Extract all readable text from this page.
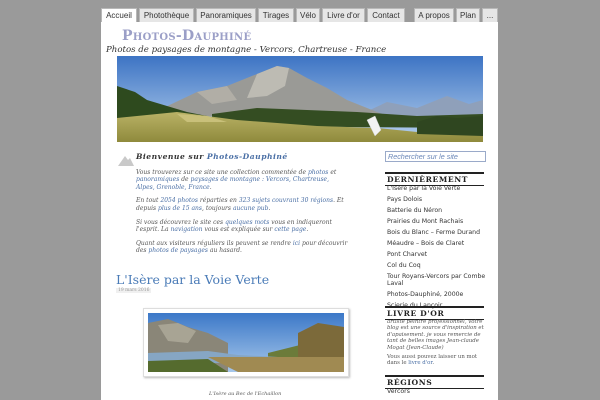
Accueil	Photothèque	Panoramiques	Tirages	Vélo	Livre d'or	Contact	A propos	Plan	...
Photos-Dauphiné
Photos de paysages de montagne - Vercors, Chartreuse - France
Bienvenue sur Photos-Dauphiné

Vous trouverez sur ce site une collection commentée de photos et panoramiques de paysages de montagne : Vercors, Chartreuse, Alpes, Grenoble, France.

En tout 2054 photos réparties en 323 sujets couvrant 30 régions. Et depuis plus de 15 ans, toujours aucune pub.

Si vous découvrez le site ces quelques mots vous en indiqueront l'esprit. La navigation vous est expliquée sur cette page.

Quant aux visiteurs réguliers ils peuvent se rendre ici pour découvrir des photos de paysages au hasard.

L'Isère par la Voie Verte
19 mars 2016
L'Isère au Bec de l'Echaillon
Rechercher sur le site
DERNIÈREMENT
L'Isère par la Voie Verte
Pays Dolois
Batterie du Néron
Prairies du Mont Rachais
Bois du Blanc – Ferme Durand
Méaudre – Bois de Claret
Pont Charvet
Col du Coq
Tour Royans-Vercors par Combe Laval
Photos-Dauphiné, 2000e
Scierie du Lançoir
LIVRE D'OR
artiste peintre professionnel, votre blog est une source d'inspiration et d'apaisement. je vous remercie de tant de belles images Jean-claude Mogat (Jean-Claude)
Vous aussi pouvez laisser un mot dans le livre d'or.
RÉGIONS
Vercors
